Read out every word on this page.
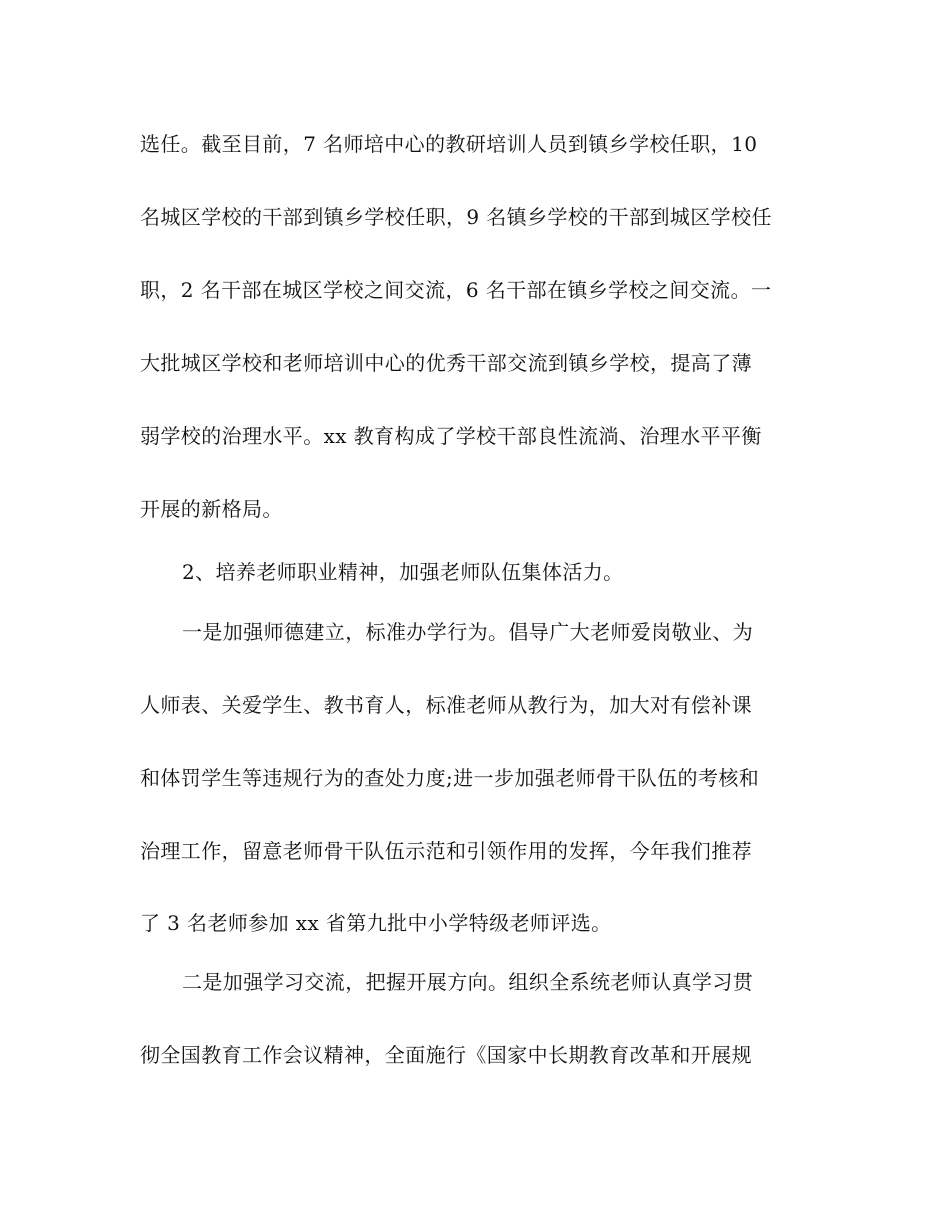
选任。截至目前，7 名师培中心的教研培训人员到镇乡学校任职，10
名城区学校的干部到镇乡学校任职，9 名镇乡学校的干部到城区学校任
职，2 名干部在城区学校之间交流，6 名干部在镇乡学校之间交流。一
大批城区学校和老师培训中心的优秀干部交流到镇乡学校，提高了薄
弱学校的治理水平。xx 教育构成了学校干部良性流淌、治理水平平衡
开展的新格局。
2、培养老师职业精神，加强老师队伍集体活力。
一是加强师德建立，标准办学行为。倡导广大老师爱岗敬业、为
人师表、关爱学生、教书育人，标准老师从教行为，加大对有偿补课
和体罚学生等违规行为的查处力度;进一步加强老师骨干队伍的考核和
治理工作，留意老师骨干队伍示范和引领作用的发挥，今年我们推荐
了 3 名老师参加 xx 省第九批中小学特级老师评选。
二是加强学习交流，把握开展方向。组织全系统老师认真学习贯
彻全国教育工作会议精神，全面施行《国家中长期教育改革和开展规
